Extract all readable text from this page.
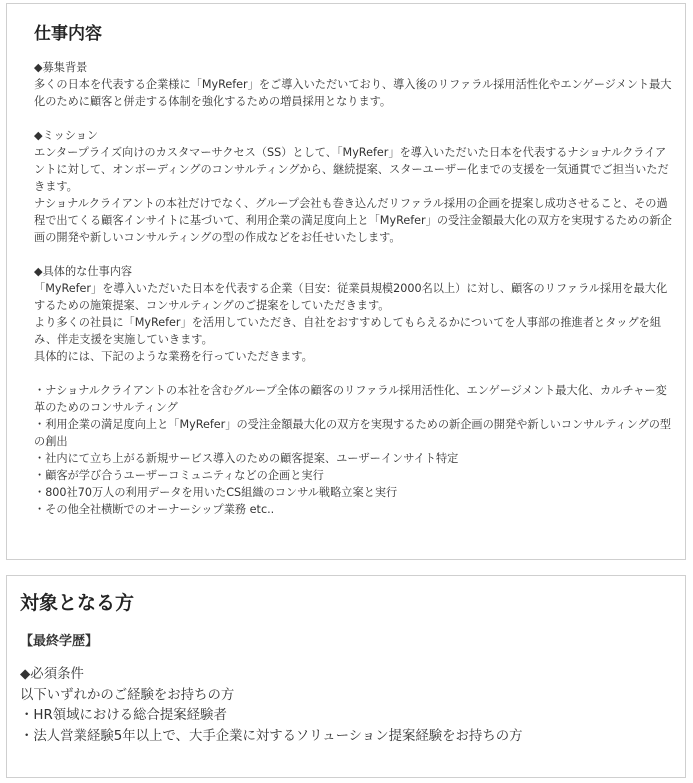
仕事内容

◆募集背景

多くの日本を代表する企業様に「MyRefer」をご導入いただいており、導入後のリファラル採用活性化やエンゲージメント最大化のために顧客と併走する体制を強化するための増員採用となります。

◆ミッション

エンタープライズ向けのカスタマーサクセス（SS）として、「MyRefer」を導入いただいた日本を代表するナショナルクライアントに対して、オンボーディングのコンサルティングから、継続提案、スターユーザー化までの支援を一気通貫でご担当いただきます。

ナショナルクライアントの本社だけでなく、グループ会社も巻き込んだリファラル採用の企画を提案し成功させること、その過程で出てくる顧客インサイトに基づいて、利用企業の満足度向上と「MyRefer」の受注金額最大化の双方を実現するための新企画の開発や新しいコンサルティングの型の作成などをお任せいたします。

◆具体的な仕事内容

「MyRefer」を導入いただいた日本を代表する企業（目安：従業員規模2000名以上）に対し、顧客のリファラル採用を最大化するための施策提案、コンサルティングのご提案をしていただきます。

より多くの社員に「MyRefer」を活用していただき、自社をおすすめしてもらえるかについてを人事部の推進者とタッグを組み、伴走支援を実施していきます。

具体的には、下記のような業務を行っていただきます。

・ナショナルクライアントの本社を含むグループ全体の顧客のリファラル採用活性化、エンゲージメント最大化、カルチャー変革のためのコンサルティング

・利用企業の満足度向上と「MyRefer」の受注金額最大化の双方を実現するための新企画の開発や新しいコンサルティングの型の創出

・社内にて立ち上がる新規サービス導入のための顧客提案、ユーザーインサイト特定

・顧客が学び合うユーザーコミュニティなどの企画と実行

・800社70万人の利用データを用いたCS組織のコンサル戦略立案と実行

・その他全社横断でのオーナーシップ業務 etc..

対象となる方
【最終学歴】

◆必須条件

以下いずれかのご経験をお持ちの方

・HR領域における総合提案経験者

・法人営業経験5年以上で、大手企業に対するソリューション提案経験をお持ちの方
